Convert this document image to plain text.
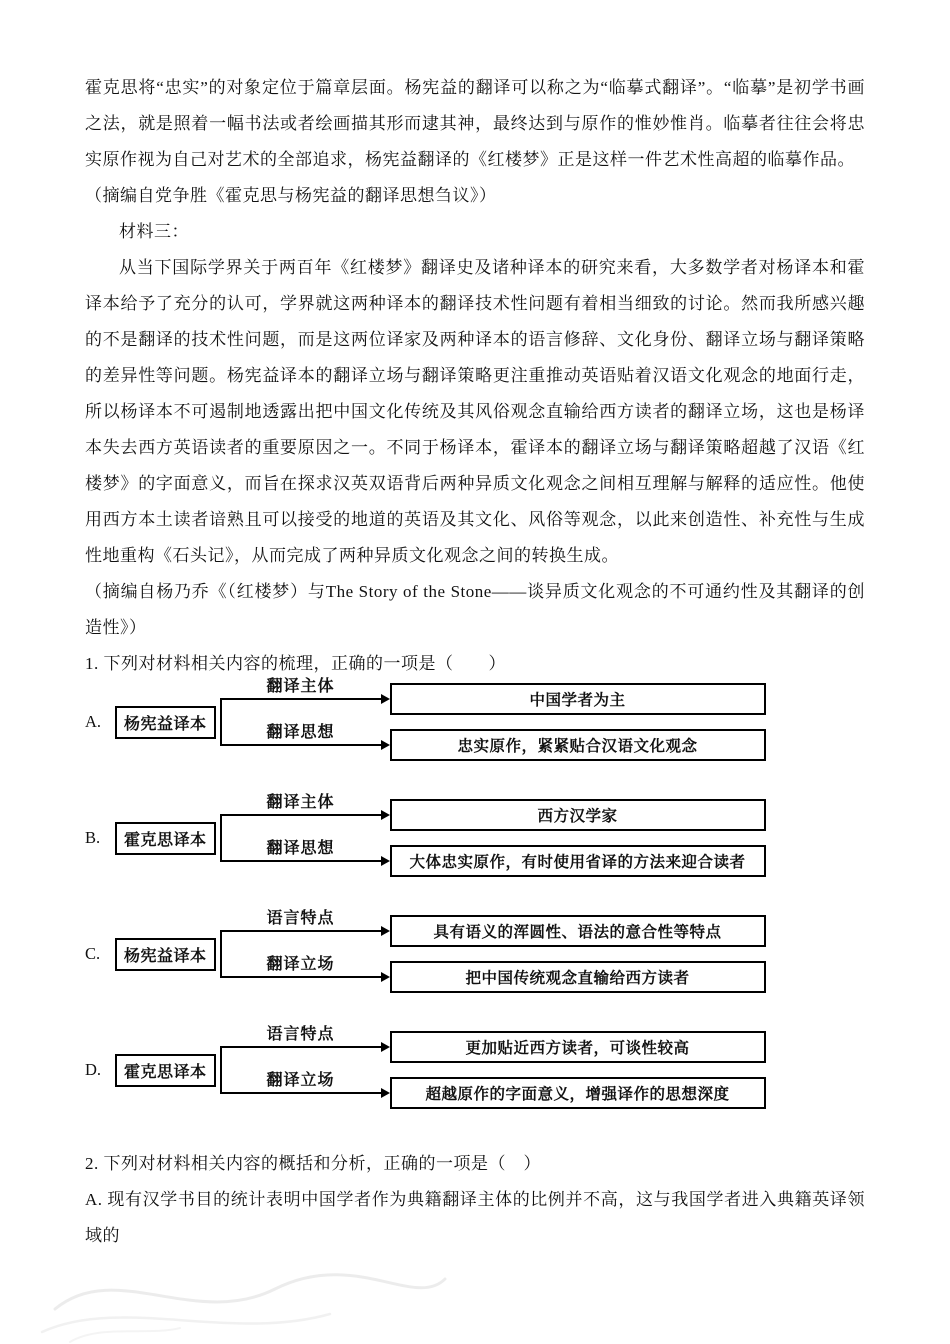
霍克思将“忠实”的对象定位于篇章层面。杨宪益的翻译可以称之为“临摹式翻译”。“临摹”是初学书画之法，就是照着一幅书法或者绘画描其形而逮其神，最终达到与原作的惟妙惟肖。临摹者往往会将忠实原作视为自己对艺术的全部追求，杨宪益翻译的《红楼梦》正是这样一件艺术性高超的临摹作品。

（摘编自党争胜《霍克思与杨宪益的翻译思想刍议》）

材料三：

从当下国际学界关于两百年《红楼梦》翻译史及诸种译本的研究来看，大多数学者对杨译本和霍译本给予了充分的认可，学界就这两种译本的翻译技术性问题有着相当细致的讨论。然而我所感兴趣的不是翻译的技术性问题，而是这两位译家及两种译本的语言修辞、文化身份、翻译立场与翻译策略的差异性等问题。杨宪益译本的翻译立场与翻译策略更注重推动英语贴着汉语文化观念的地面行走，所以杨译本不可遏制地透露出把中国文化传统及其风俗观念直输给西方读者的翻译立场，这也是杨译本失去西方英语读者的重要原因之一。不同于杨译本，霍译本的翻译立场与翻译策略超越了汉语《红楼梦》的字面意义，而旨在探求汉英双语背后两种异质文化观念之间相互理解与解释的适应性。他使用西方本土读者谙熟且可以接受的地道的英语及其文化、风俗等观念，以此来创造性、补充性与生成性地重构《石头记》，从而完成了两种异质文化观念之间的转换生成。

（摘编自杨乃乔《（红楼梦）与The Story of the Stone——谈异质文化观念的不可通约性及其翻译的创造性》）

1. 下列对材料相关内容的梳理，正确的一项是（　　）

A.	杨宪益译本
翻译主体
中国学者为主
翻译思想
忠实原作，紧紧贴合汉语文化观念
B.	霍克思译本
翻译主体
西方汉学家
翻译思想
大体忠实原作，有时使用省译的方法来迎合读者
C.	杨宪益译本
语言特点
具有语义的浑圆性、语法的意合性等特点
翻译立场
把中国传统观念直输给西方读者
D.	霍克思译本
语言特点
更加贴近西方读者，可谈性较高
翻译立场
超越原作的字面意义，增强译作的思想深度

2. 下列对材料相关内容的概括和分析，正确的一项是（　）

A. 现有汉学书目的统计表明中国学者作为典籍翻译主体的比例并不高，这与我国学者进入典籍英译领域的
